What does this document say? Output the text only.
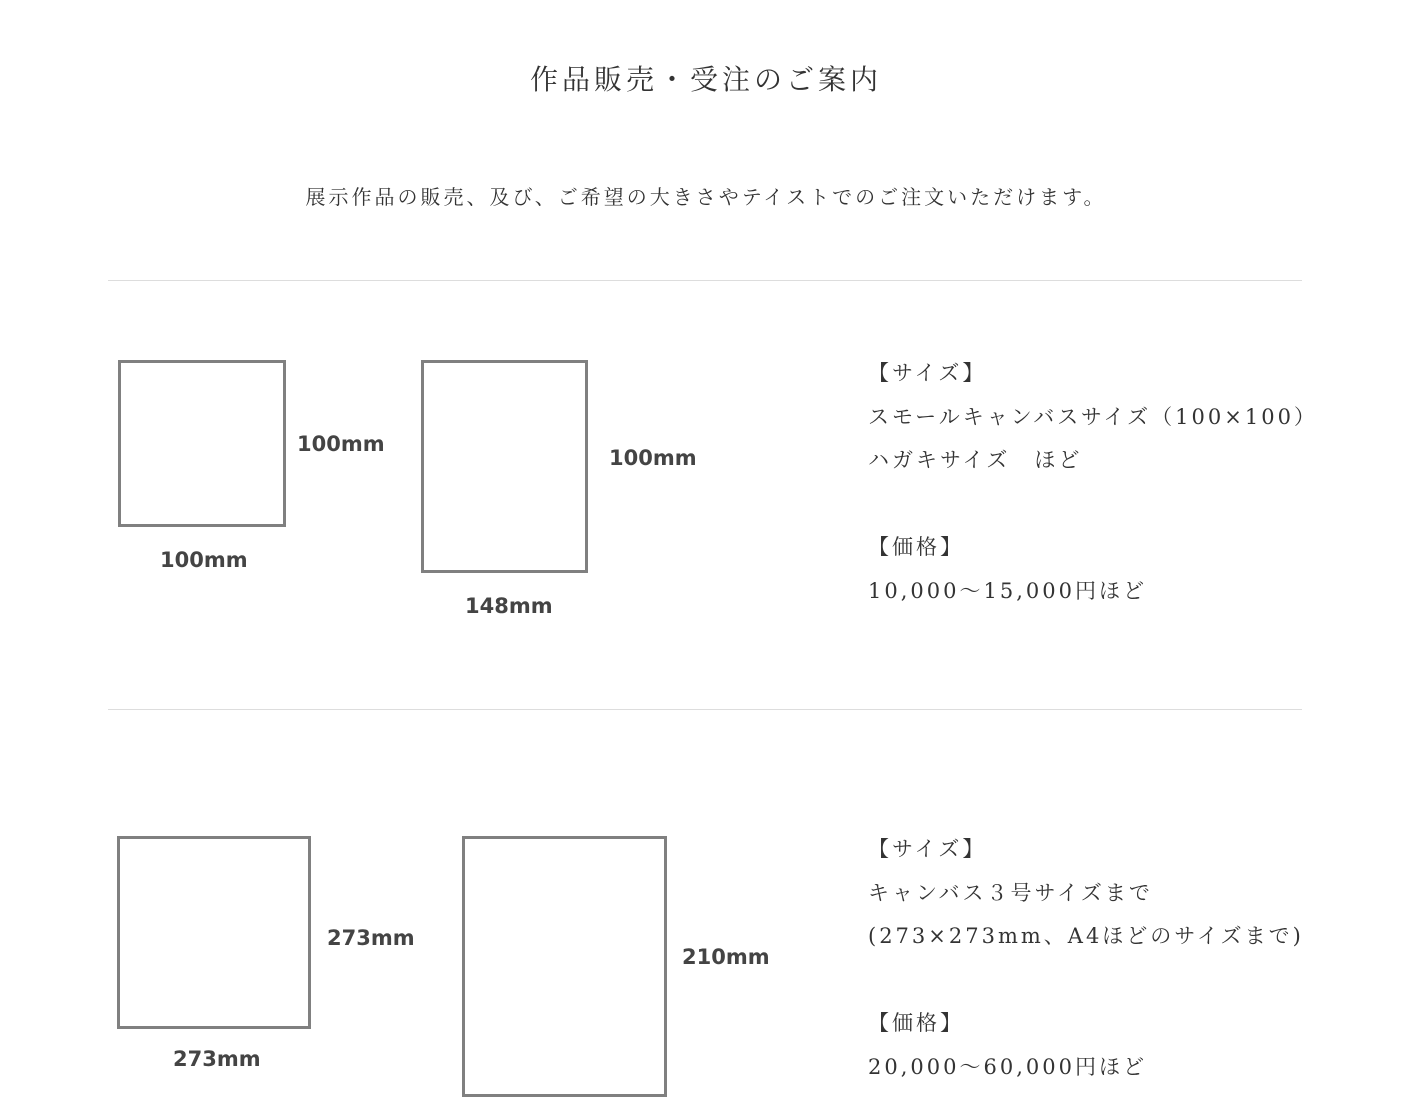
作品販売・受注のご案内

展示作品の販売、及び、ご希望の大きさやテイストでのご注文いただけます。

100mm
100mm
100mm
148mm
【サイズ】
スモールキャンバスサイズ（100×100）
ハガキサイズ　ほど
【価格】
10,000～15,000円ほど
273mm
273mm
210mm
【サイズ】
キャンバス３号サイズまで
(273×273mm、A4ほどのサイズまで)
【価格】
20,000～60,000円ほど
